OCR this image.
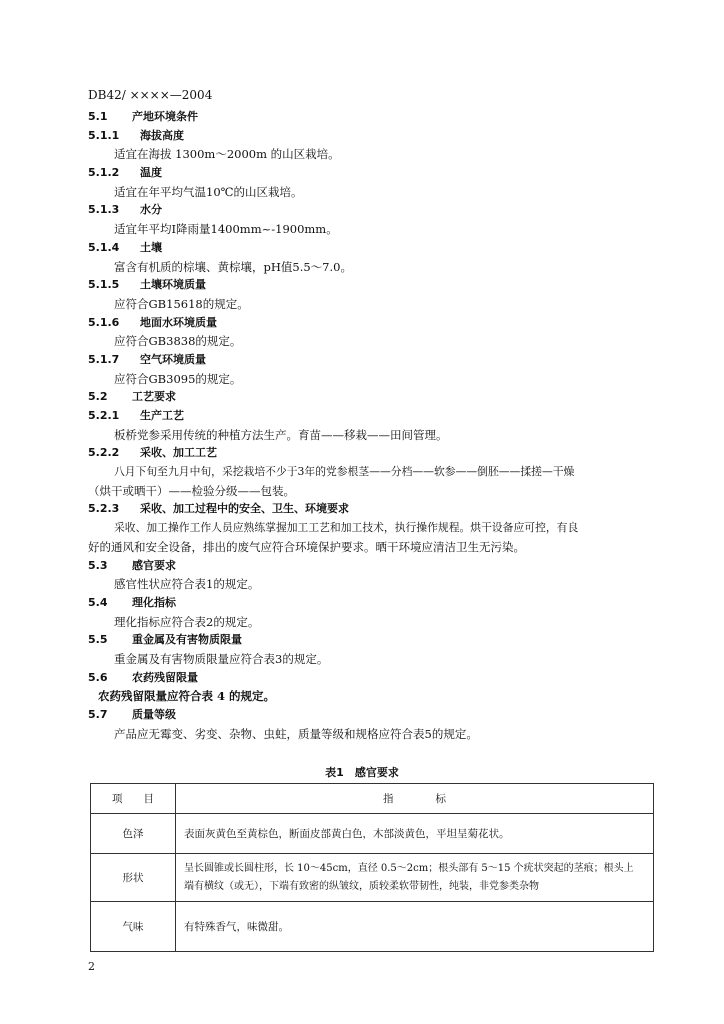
DB42/ ××××—2004
5.1 产地环境条件
5.1.1 海拔高度
适宜在海拔 1300m～2000m 的山区栽培。
5.1.2 温度
适宜在年平均气温10℃的山区栽培。
5.1.3 水分
适宜年平均Ⅰ降雨量1400mm~-1900mm。
5.1.4 土壤
富含有机质的棕壤、黄棕壤，pH值5.5～7.0。
5.1.5 土壤环境质量
应符合GB15618的规定。
5.1.6 地面水环境质量
应符合GB3838的规定。
5.1.7 空气环境质量
应符合GB3095的规定。
5.2 工艺要求
5.2.1 生产工艺
板桥党参采用传统的种植方法生产。育苗——移栽——田间管理。
5.2.2 采收、加工工艺
八月下旬至九月中旬，采挖栽培不少于3年的党参根茎——分档——软参——倒胚——揉搓—干燥
（烘干或晒干）——检验分级——包装。
5.2.3 采收、加工过程中的安全、卫生、环境要求
采收、加工操作工作人员应熟练掌握加工工艺和加工技术，执行操作规程。烘干设备应可控，有良
好的通风和安全设备，排出的废气应符合环境保护要求。晒干环境应清洁卫生无污染。
5.3 感官要求
感官性状应符合表1的规定。
5.4 理化指标
理化指标应符合表2的规定。
5.5 重金属及有害物质限量
重金属及有害物质限量应符合表3的规定。
5.6 农药残留限量
农药残留限量应符合表 4 的规定。
5.7 质量等级
产品应无霉变、劣变、杂物、虫蛀，质量等级和规格应符合表5的规定。
表1　感官要求
项　　目	指　　　　标
色泽	表面灰黄色至黄棕色，断面皮部黄白色，木部淡黄色，平坦呈菊花状。
形状	呈长圆锥或长圆柱形，长 10～45cm，直径 0.5～2cm；根头部有 5～15 个疣状突起的茎痕；根头上
端有横纹（或无），下端有致密的纵皱纹，质较柔软带韧性，纯装，非党参类杂物

气味	有特殊香气，味微甜。
2
